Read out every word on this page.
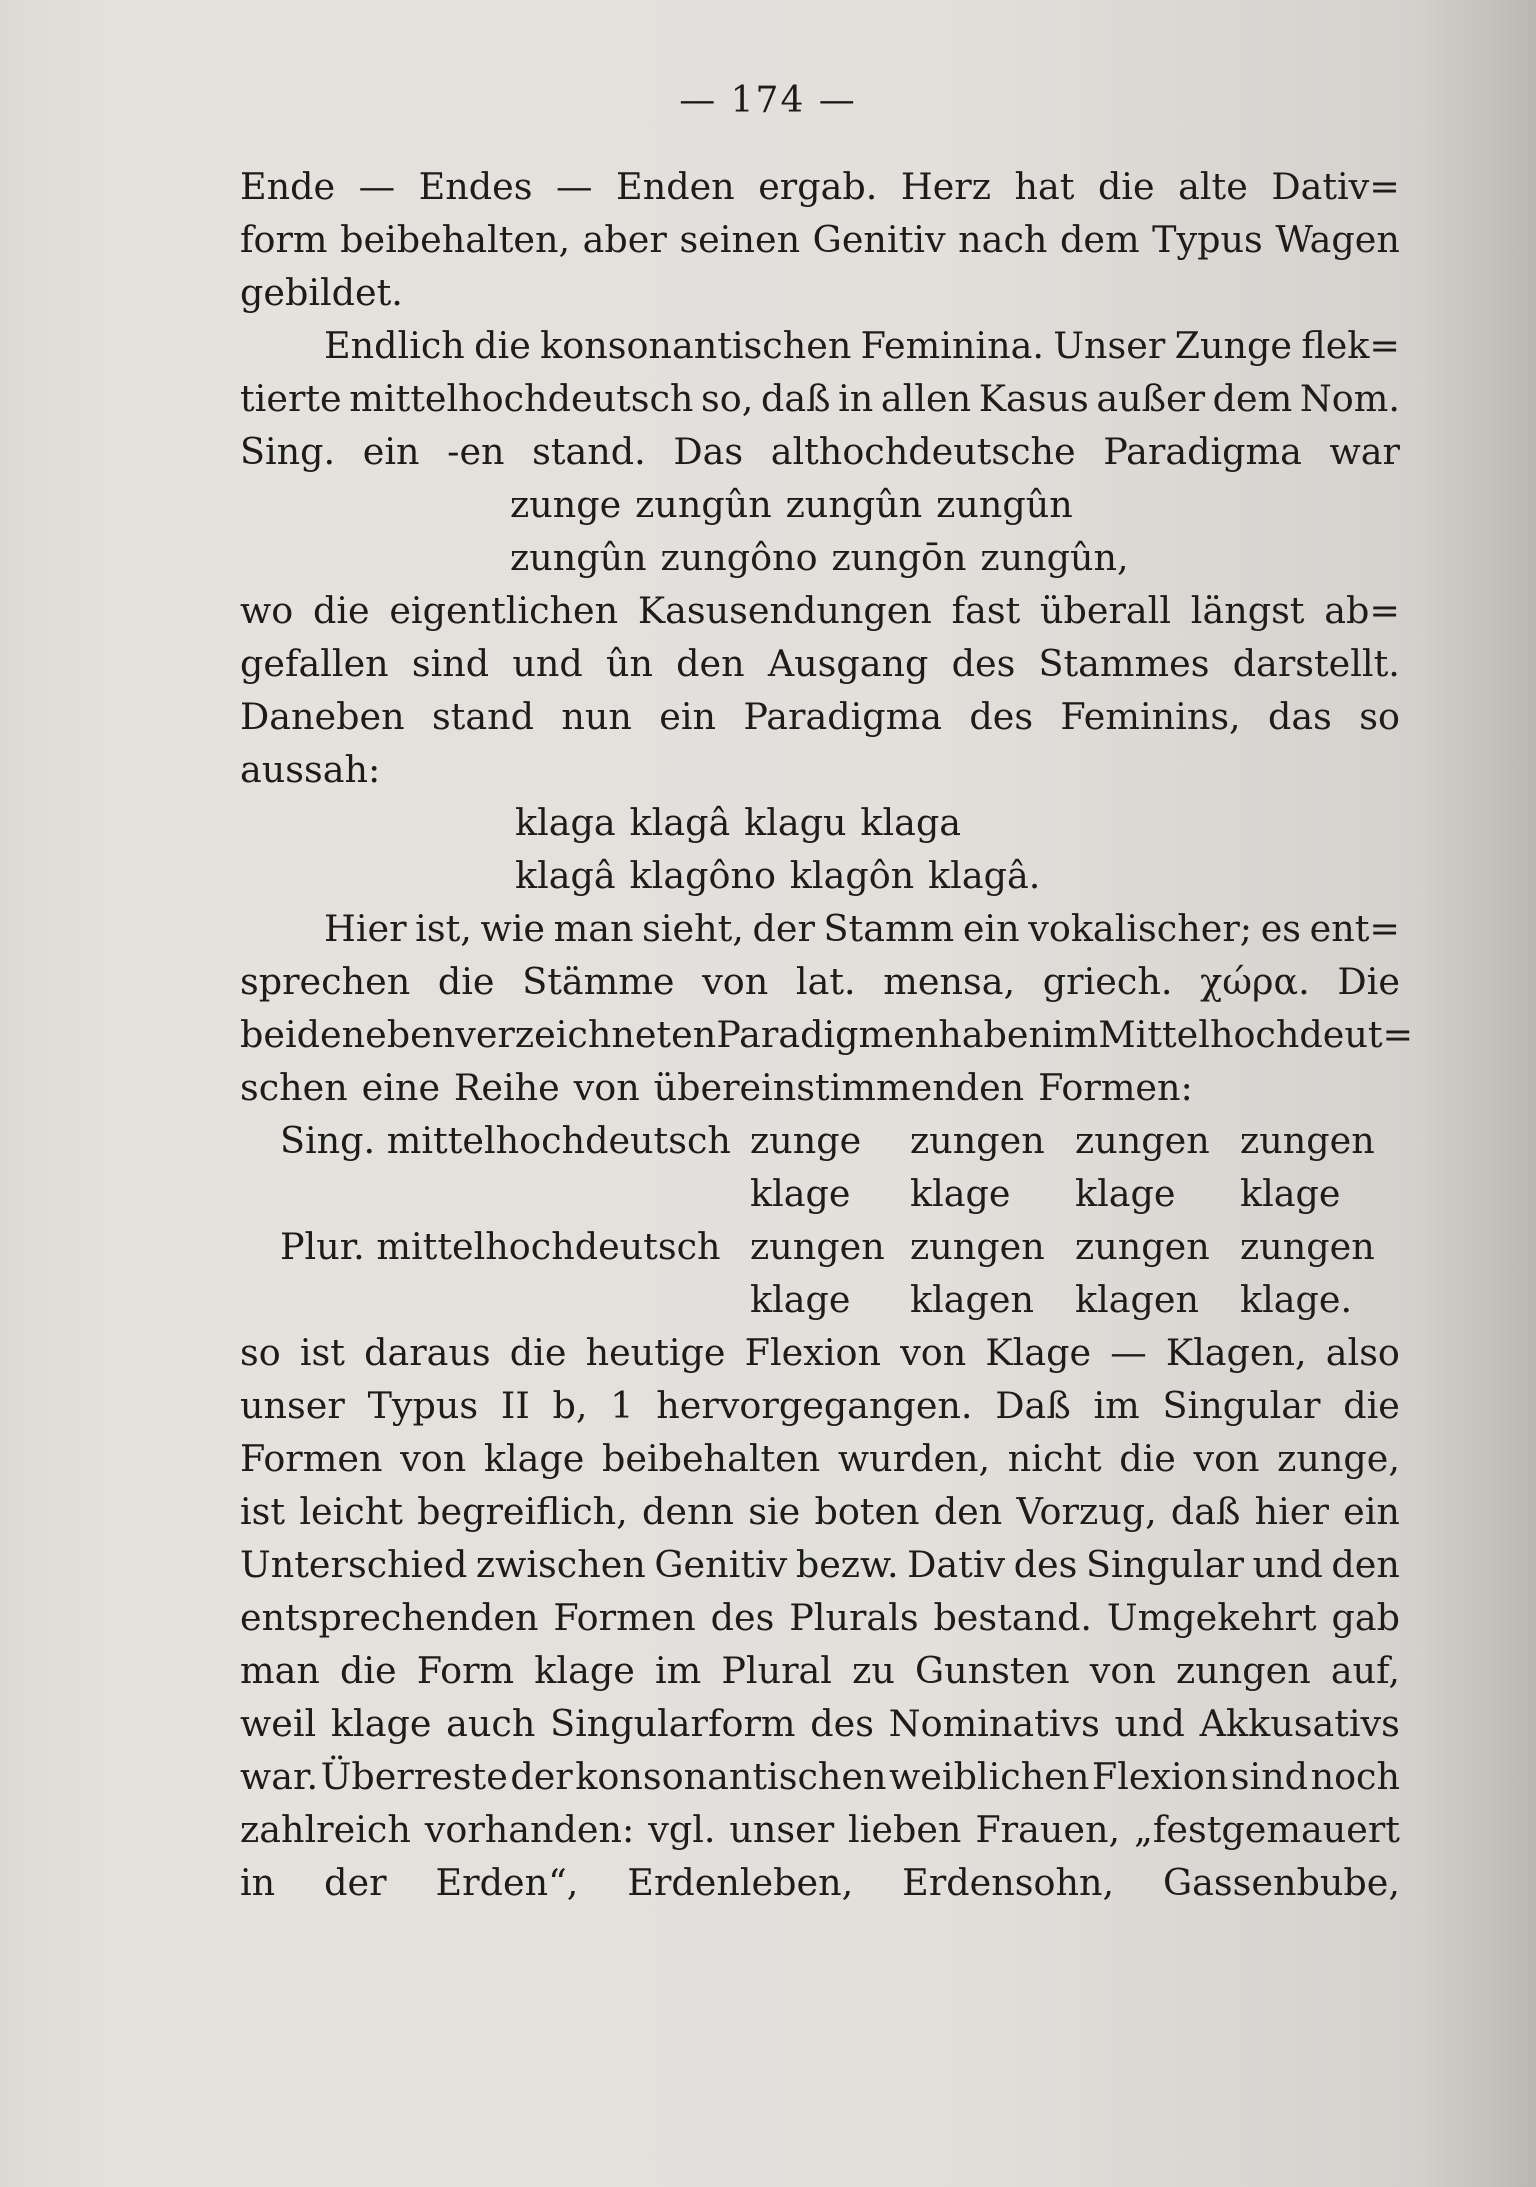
— 174 —
Ende — Endes — Enden ergab. Herz hat die alte Dativ=
form beibehalten, aber seinen Genitiv nach dem Typus Wagen
gebildet.
Endlich die konsonantischen Feminina. Unser Zunge flek=
tierte mittelhochdeutsch so, daß in allen Kasus außer dem Nom.
Sing. ein -en stand. Das althochdeutsche Paradigma war
zunge zungûn zungûn zungûn
zungûn zungôno zungōn zungûn,
wo die eigentlichen Kasusendungen fast überall längst ab=
gefallen sind und ûn den Ausgang des Stammes darstellt.
Daneben stand nun ein Paradigma des Feminins, das so
aussah:
klaga klagâ klagu klaga
klagâ klagôno klagôn klagâ.
Hier ist, wie man sieht, der Stamm ein vokalischer; es ent=
sprechen die Stämme von lat. mensa, griech. χώρα. Die
beiden eben verzeichneten Paradigmen haben im Mittelhochdeut=
schen eine Reihe von übereinstimmenden Formen:
Sing. mittelhochdeutsch zunge	zungen zungen zungen
klage	klage	klage	klage
Plur. mittelhochdeutsch zungen zungen zungen zungen
klage	klagen	klagen	klage.
so ist daraus die heutige Flexion von Klage — Klagen, also
unser Typus II b, 1 hervorgegangen. Daß im Singular die
Formen von klage beibehalten wurden, nicht die von zunge,
ist leicht begreiflich, denn sie boten den Vorzug, daß hier ein
Unterschied zwischen Genitiv bezw. Dativ des Singular und den
entsprechenden Formen des Plurals bestand. Umgekehrt gab
man die Form klage im Plural zu Gunsten von zungen auf,
weil klage auch Singularform des Nominativs und Akkusativs
war. Überreste der konsonantischen weiblichen Flexion sind noch
zahlreich vorhanden: vgl. unser lieben Frauen, „festgemauert
in der Erden“, Erdenleben, Erdensohn, Gassenbube,
